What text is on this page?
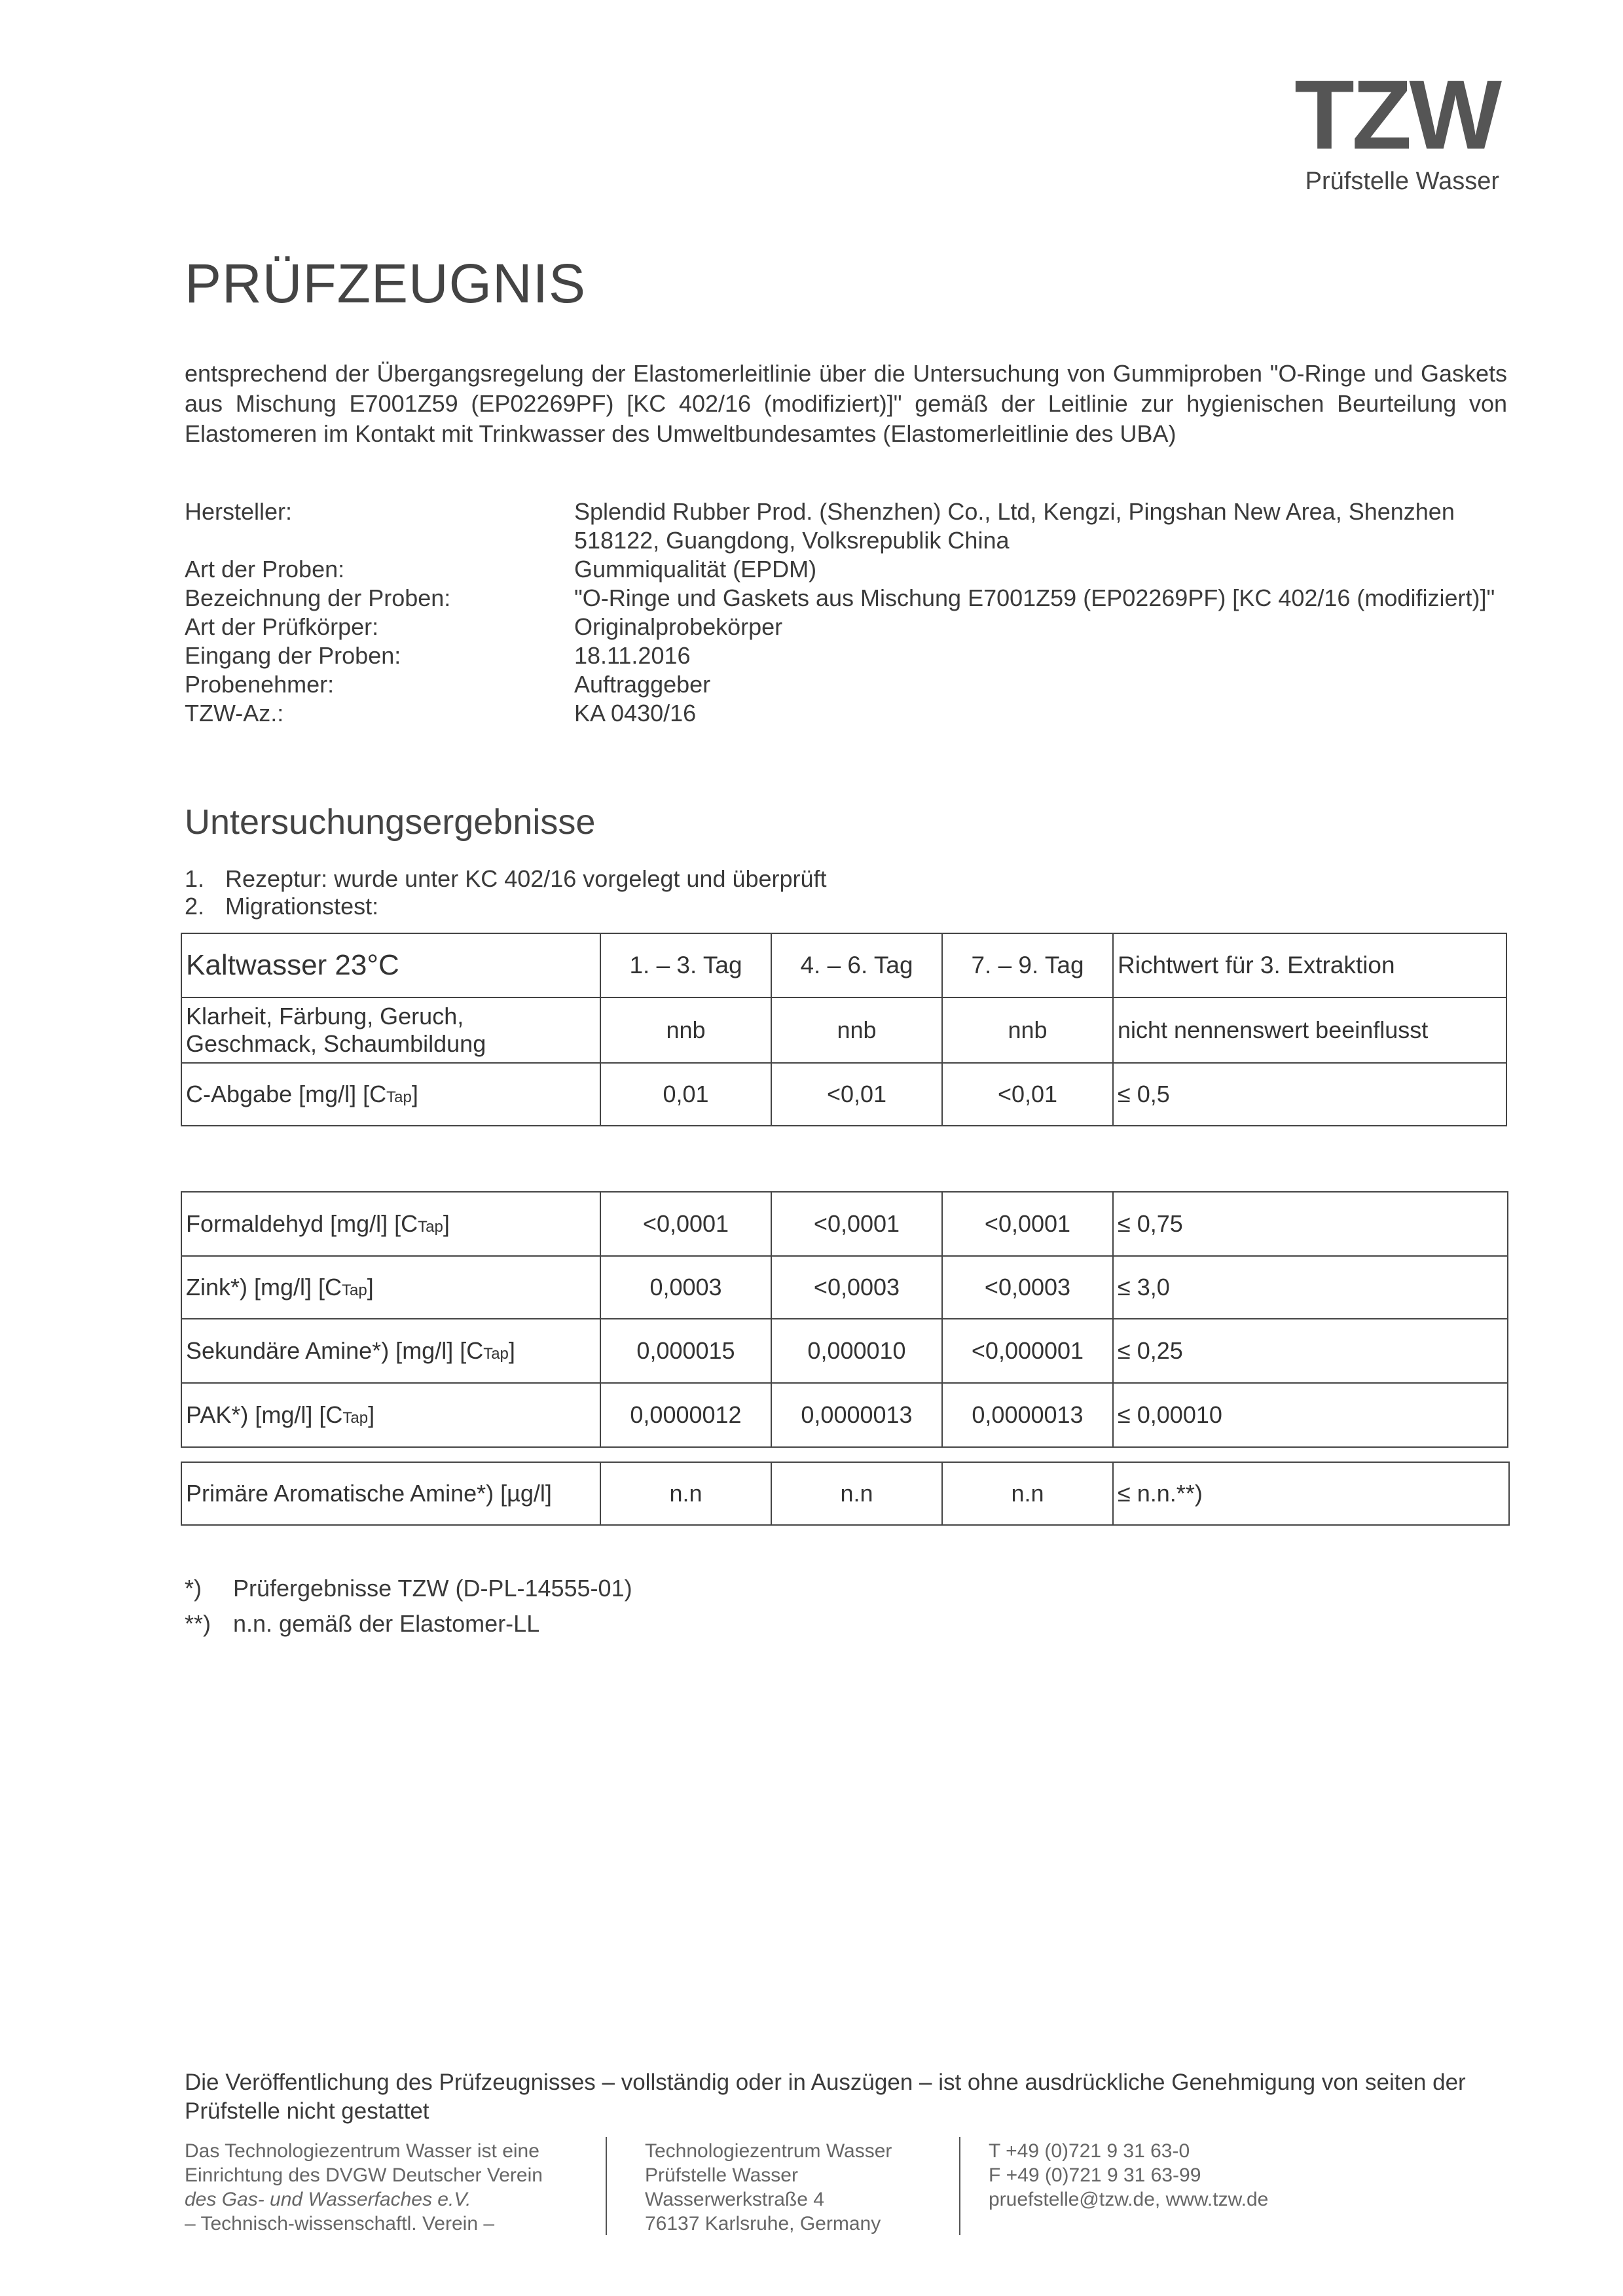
TZW
Prüfstelle Wasser
PRÜFZEUGNIS
entsprechend der Übergangsregelung der Elastomerleitlinie über die Untersuchung von Gummiproben "O-Ringe und Gaskets aus Mischung E7001Z59 (EP02269PF) [KC 402/16 (modifiziert)]" gemäß der Leitlinie zur hygienischen Beurteilung von Elastomeren im Kontakt mit Trinkwasser des Umweltbundesamtes (Elastomerleitlinie des UBA)
Hersteller:	Splendid Rubber Prod. (Shenzhen) Co., Ltd, Kengzi, Pingshan New Area, Shenzhen 518122, Guangdong, Volksrepublik China
Art der Proben:	Gummiqualität (EPDM)
Bezeichnung der Proben:	"O-Ringe und Gaskets aus Mischung E7001Z59 (EP02269PF) [KC 402/16 (modifiziert)]"
Art der Prüfkörper:	Originalprobekörper
Eingang der Proben:	18.11.2016
Probenehmer:	Auftraggeber
TZW-Az.:	KA 0430/16
Untersuchungsergebnisse
1. Rezeptur: wurde unter KC 402/16 vorgelegt und überprüft
2. Migrationstest:
Kaltwasser 23°C	1. – 3. Tag	4. – 6. Tag	7. – 9. Tag	Richtwert für 3. Extraktion
Klarheit, Färbung, Geruch, Geschmack, Schaumbildung	nnb	nnb	nnb	nicht nennenswert beeinflusst
C-Abgabe [mg/l] [CTap]	0,01	<0,01	<0,01	≤ 0,5
Formaldehyd [mg/l] [CTap]	<0,0001	<0,0001	<0,0001	≤ 0,75
Zink*) [mg/l] [CTap]	0,0003	<0,0003	<0,0003	≤ 3,0
Sekundäre Amine*) [mg/l] [CTap]	0,000015	0,000010	<0,000001	≤ 0,25
PAK*) [mg/l] [CTap]	0,0000012	0,0000013	0,0000013	≤ 0,00010
Primäre Aromatische Amine*) [µg/l]	n.n	n.n	n.n	≤ n.n.**)
*) Prüfergebnisse TZW (D-PL-14555-01)
**) n.n. gemäß der Elastomer-LL
Die Veröffentlichung des Prüfzeugnisses – vollständig oder in Auszügen – ist ohne ausdrückliche Genehmigung von seiten der Prüfstelle nicht gestattet
Das Technologiezentrum Wasser ist eine
Einrichtung des DVGW Deutscher Verein
des Gas- und Wasserfaches e.V.
– Technisch-wissenschaftl. Verein –
Technologiezentrum Wasser
Prüfstelle Wasser
Wasserwerkstraße 4
76137 Karlsruhe, Germany
T +49 (0)721 9 31 63-0
F +49 (0)721 9 31 63-99
pruefstelle@tzw.de, www.tzw.de
